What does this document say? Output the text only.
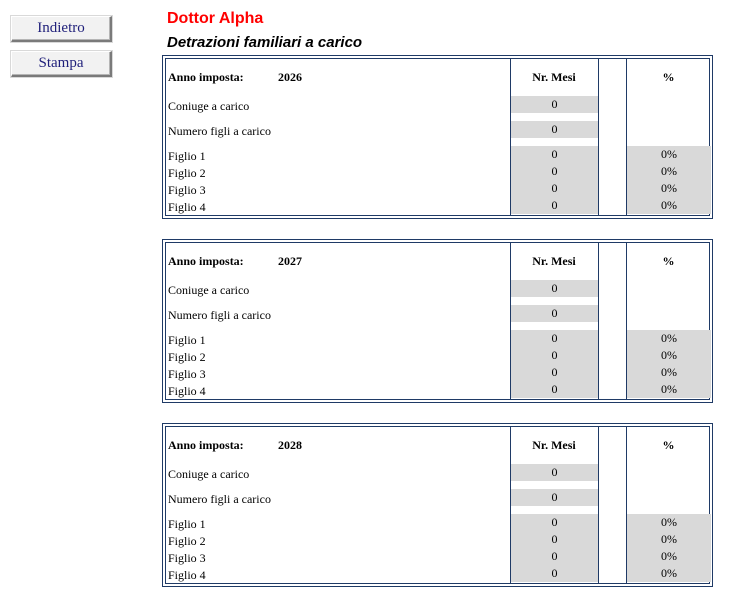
Indietro
Stampa
Dottor Alpha
Detrazioni familiari a carico
Anno imposta:	2026	Nr. Mesi	%
Coniuge a carico	0
Numero figli a carico	0
Figlio 1	0	0%
Figlio 2	0	0%
Figlio 3	0	0%
Figlio 4	0	0%
Anno imposta:	2027	Nr. Mesi	%
Coniuge a carico	0
Numero figli a carico	0
Figlio 1	0	0%
Figlio 2	0	0%
Figlio 3	0	0%
Figlio 4	0	0%
Anno imposta:	2028	Nr. Mesi	%
Coniuge a carico	0
Numero figli a carico	0
Figlio 1	0	0%
Figlio 2	0	0%
Figlio 3	0	0%
Figlio 4	0	0%
